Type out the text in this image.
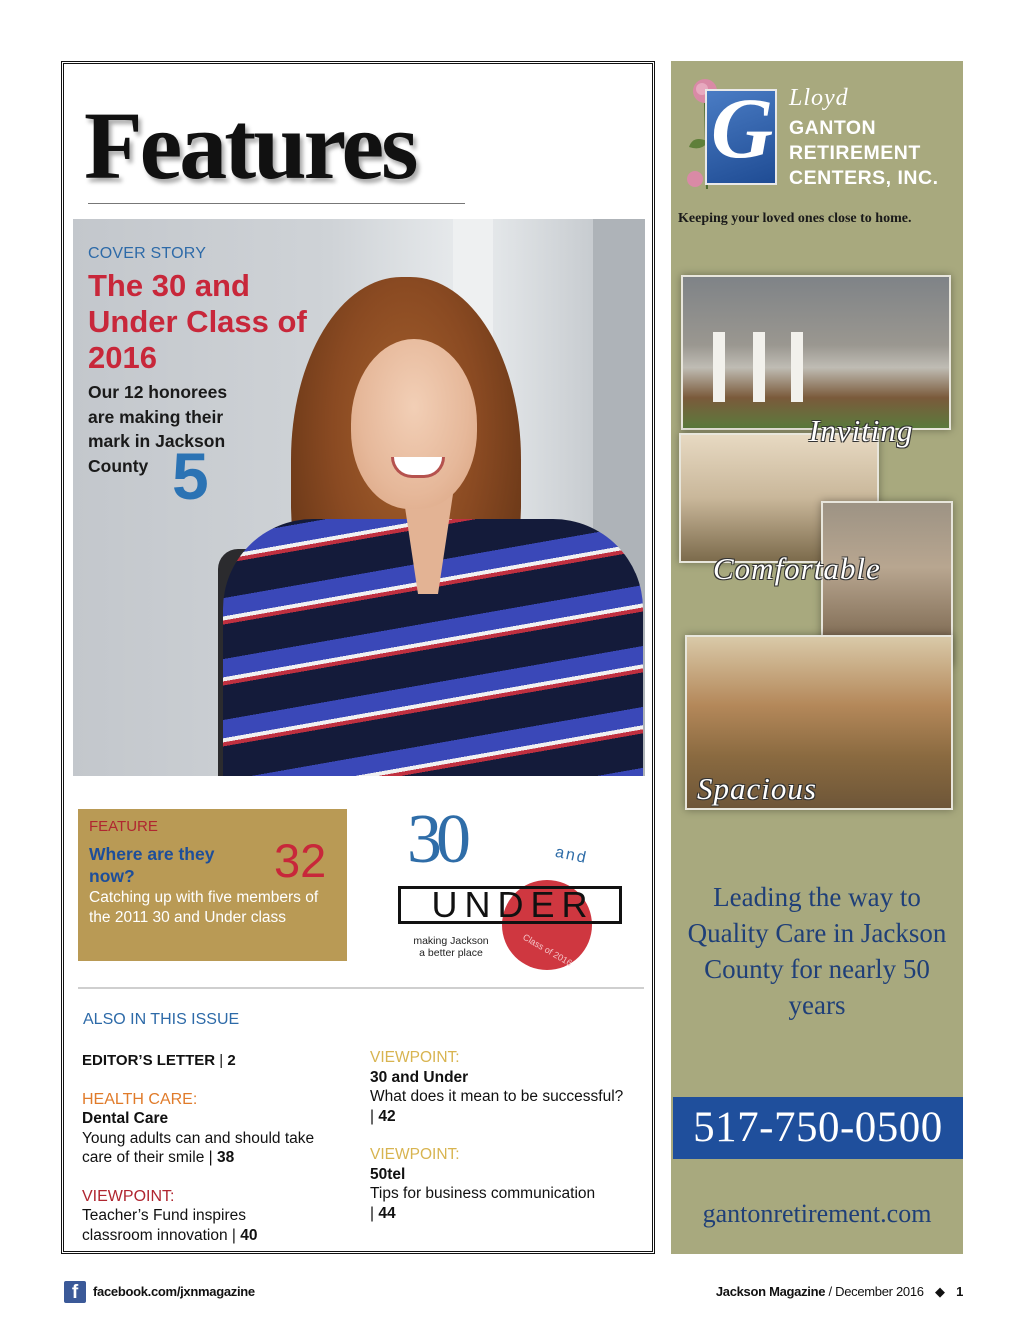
Features
COVER STORY
The 30 and Under Class of 2016
Our 12 honorees are making their mark in Jackson County 5
FEATURE
Where are they now?	32
Catching up with five members of the 2011 30 and Under class
30	and
UNDER
making Jackson a better place	Class of 2016
ALSO IN THIS ISSUE
EDITOR’S LETTER | 2
HEALTH CARE:
Dental Care
Young adults can and should take care of their smile | 38
VIEWPOINT:
Teacher’s Fund inspires classroom innovation | 40
VIEWPOINT:
30 and Under
What does it mean to be successful?
| 42
VIEWPOINT:
50tel
Tips for business communication
| 44
G Lloyd
GANTON
RETIREMENT
CENTERS, INC.
Keeping your loved ones close to home.
Inviting
Comfortable
Spacious
Leading the way to Quality Care in Jackson County for nearly 50 years
517-750-0500
gantonretirement.com
f	facebook.com/jxnmagazine	Jackson Magazine / December 2016 ◆ 1
